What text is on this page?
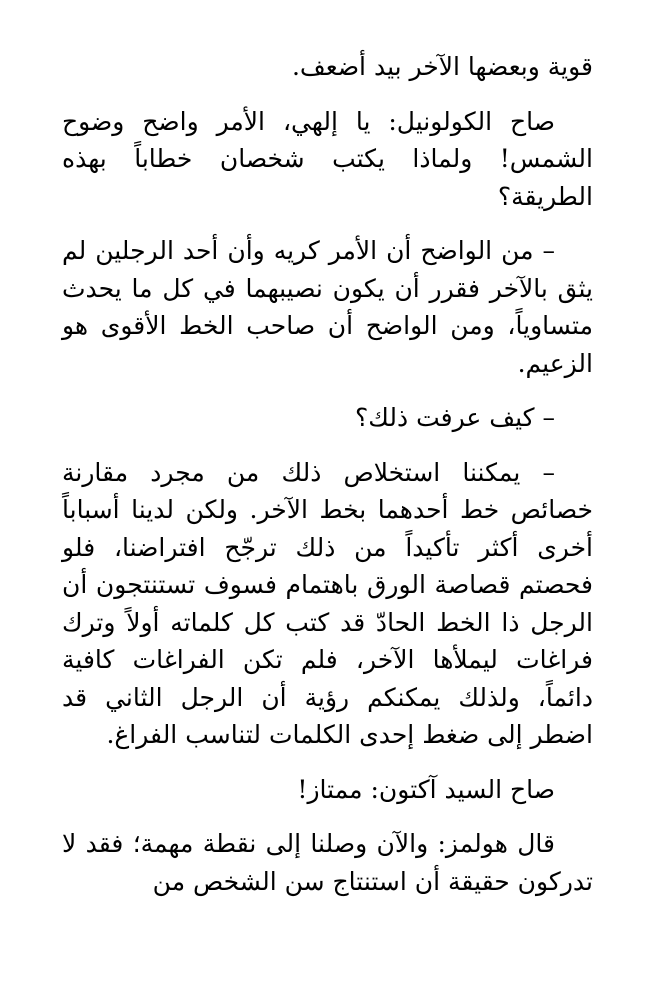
قوية وبعضها الآخر بيد أضعف.

صاح الكولونيل: يا إلهي، الأمر واضح وضوح الشمس! ولماذا يكتب شخصان خطاباً بهذه الطريقة؟

– من الواضح أن الأمر كريه وأن أحد الرجلين لم يثق بالآخر فقرر أن يكون نصيبهما في كل ما يحدث متساوياً، ومن الواضح أن صاحب الخط الأقوى هو الزعيم.

– كيف عرفت ذلك؟

– يمكننا استخلاص ذلك من مجرد مقارنة خصائص خط أحدهما بخط الآخر. ولكن لدينا أسباباً أخرى أكثر تأكيداً من ذلك ترجّح افتراضنا، فلو فحصتم قصاصة الورق باهتمام فسوف تستنتجون أن الرجل ذا الخط الحادّ قد كتب كل كلماته أولاً وترك فراغات ليملأها الآخر، فلم تكن الفراغات كافية دائماً، ولذلك يمكنكم رؤية أن الرجل الثاني قد اضطر إلى ضغط إحدى الكلمات لتناسب الفراغ.

صاح السيد آكتون: ممتاز!

قال هولمز: والآن وصلنا إلى نقطة مهمة؛ فقد لا تدركون حقيقة أن استنتاج سن الشخص من
